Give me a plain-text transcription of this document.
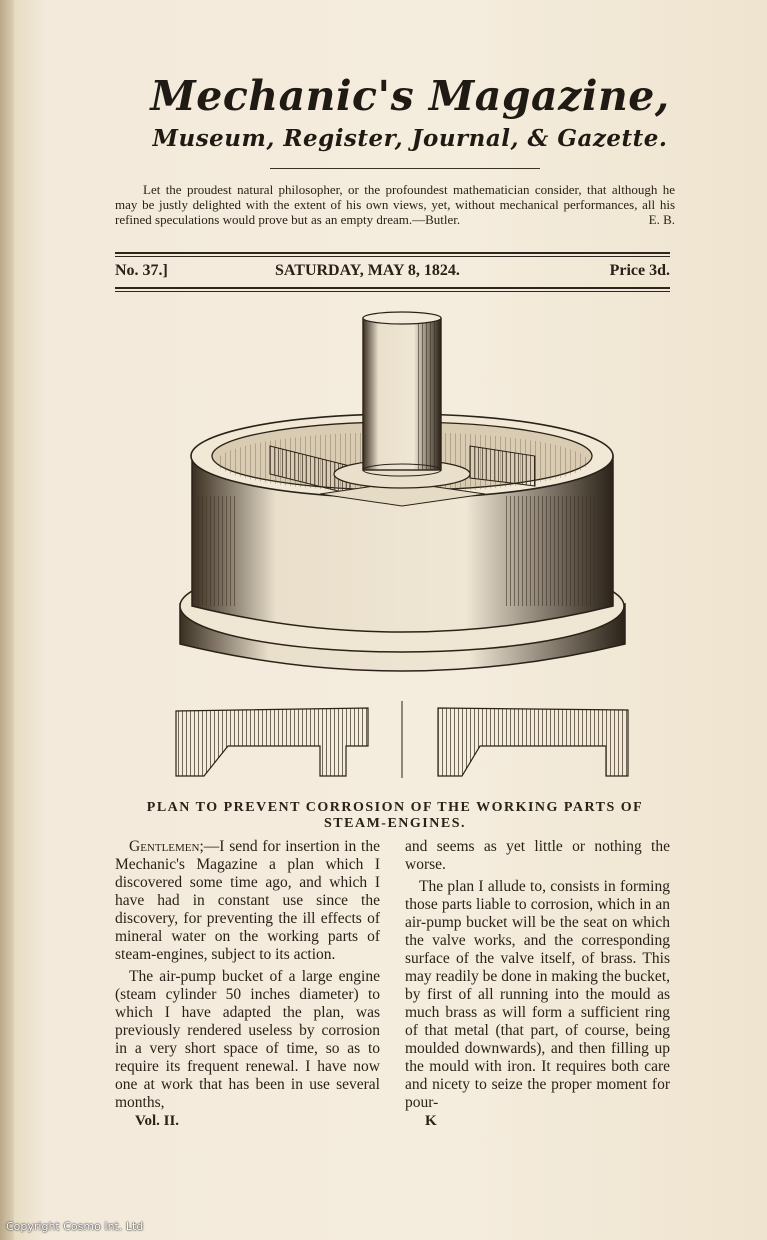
Mechanic's Magazine,
Museum, Register, Journal, & Gazette.
Let the proudest natural philosopher, or the profoundest mathematician consider, that although he may be justly delighted with the extent of his own views, yet, without mechanical performances, all his refined speculations would prove but as an empty dream.—Butler.	E. B.
No. 37.]	SATURDAY, MAY 8, 1824.	Price 3d.
PLAN TO PREVENT CORROSION OF THE WORKING PARTS OF
STEAM-ENGINES.

Gentlemen;—I send for insertion in the Mechanic's Magazine a plan which I discovered some time ago, and which I have had in constant use since the discovery, for preventing the ill effects of mineral water on the working parts of steam-engines, subject to its action.

The air-pump bucket of a large engine (steam cylinder 50 inches diameter) to which I have adapted the plan, was previously rendered useless by corrosion in a very short space of time, so as to require its frequent renewal. I have now one at work that has been in use several months,

and seems as yet little or nothing the worse.

The plan I allude to, consists in forming those parts liable to corrosion, which in an air-pump bucket will be the seat on which the valve works, and the corresponding surface of the valve itself, of brass. This may readily be done in making the bucket, by first of all running into the mould as much brass as will form a sufficient ring of that metal (that part, of course, being moulded downwards), and then filling up the mould with iron. It requires both care and nicety to seize the proper moment for pour-

Vol. II.	K
Copyright Cosmo Int. Ltd
